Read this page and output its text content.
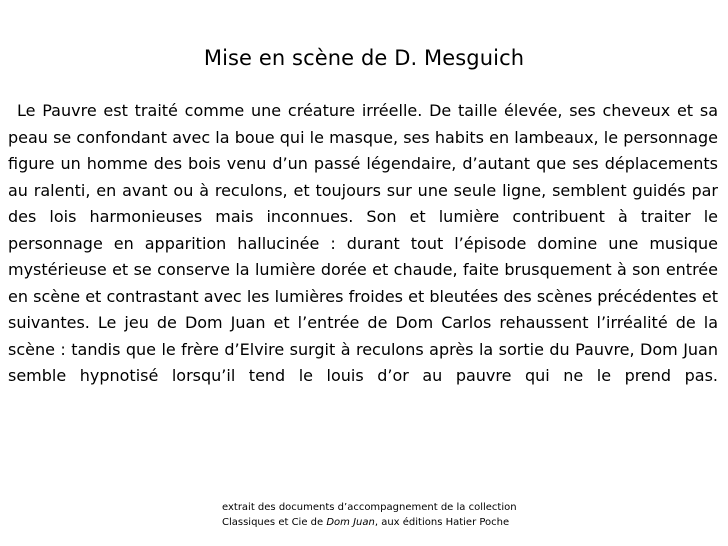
Mise en scène de D. Mesguich

Le Pauvre est traité comme une créature irréelle. De taille élevée, ses cheveux et sa peau se confondant avec la boue qui le masque, ses habits en lambeaux, le personnage figure un homme des bois venu d’un passé légendaire, d’autant que ses déplacements au ralenti, en avant ou à reculons, et toujours sur une seule ligne, semblent guidés par des lois harmonieuses mais inconnues. Son et lumière contribuent à traiter le personnage en apparition hallucinée : durant tout l’épisode domine une musique mystérieuse et se conserve la lumière dorée et chaude, faite brusquement à son entrée en scène et contrastant avec les lumières froides et bleutées des scènes précédentes et suivantes. Le jeu de Dom Juan et l’entrée de Dom Carlos rehaussent l’irréalité de la scène : tandis que le frère d’Elvire surgit à reculons après la sortie du Pauvre, Dom Juan semble hypnotisé lorsqu’il tend le louis d’or au pauvre qui ne le prend pas.

extrait des documents d’accompagnement de la collection
Classiques et Cie de Dom Juan, aux éditions Hatier Poche
